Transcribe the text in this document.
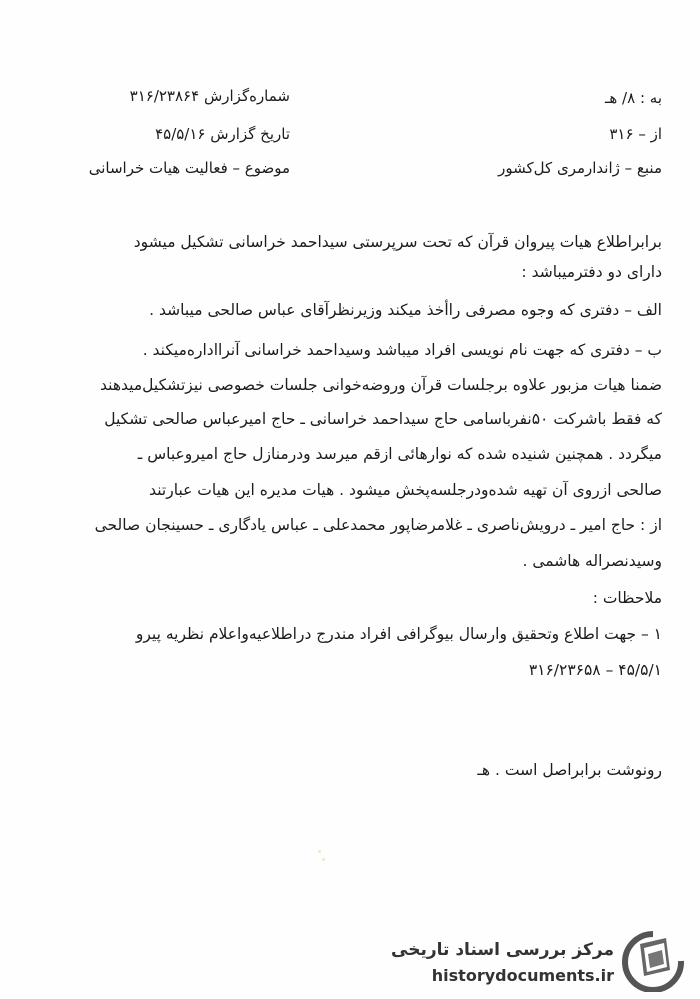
شماره‌گزارش ۳۱۶/۲۳۸۶۴
تاریخ گزارش ۴۵/۵/۱۶
موضوع – فعالیت هیات خراسانی
به : ۸/ هـ
از – ۳۱۶
منبع – ژاندارمری کل‌کشور
برابراطلاع هیات پیروان قرآن که تحت سرپرستی سیداحمد خراسانی تشکیل میشود
دارای دو دفترمیباشد :
الف – دفتری که وجوه مصرفی راأخذ میکند وزیرنظرآقای عباس صالحی میباشد .
ب – دفتری که جهت نام نویسی افراد میباشد وسیداحمد خراسانی آنرااداره‌میکند .
ضمنا هیات مزبور علاوه برجلسات قرآن وروضه‌خوانی جلسات خصوصی نیزتشکیل‌میدهند
که فقط باشرکت ۵۰نفرباسامی حاج سیداحمد خراسانی ـ حاج امیرعباس صالحی تشکیل
میگردد . همچنین شنیده شده که نوارهائی ازقم میرسد ودرمنازل حاج امیروعباس ـ
صالحی ازروی آن تهیه شده‌ودرجلسه‌پخش میشود . هیات مدیره این هیات عبارتند
از : حاج امیر ـ درویش‌ناصری ـ غلامرضاپور محمدعلی ـ عباس یادگاری ـ حسینجان صالحی
وسیدنصراله هاشمی .
ملاحظات :
۱ – جهت اطلاع وتحقیق وارسال بیوگرافی افراد مندرج دراطلاعیه‌واعلام نظریه پیرو
۴۵/۵/۱ – ۳۱۶/۲۳۶۵۸
رونوشت برابراصل است . هـ
مرکز بررسی اسناد تاریخی
historydocuments.ir
